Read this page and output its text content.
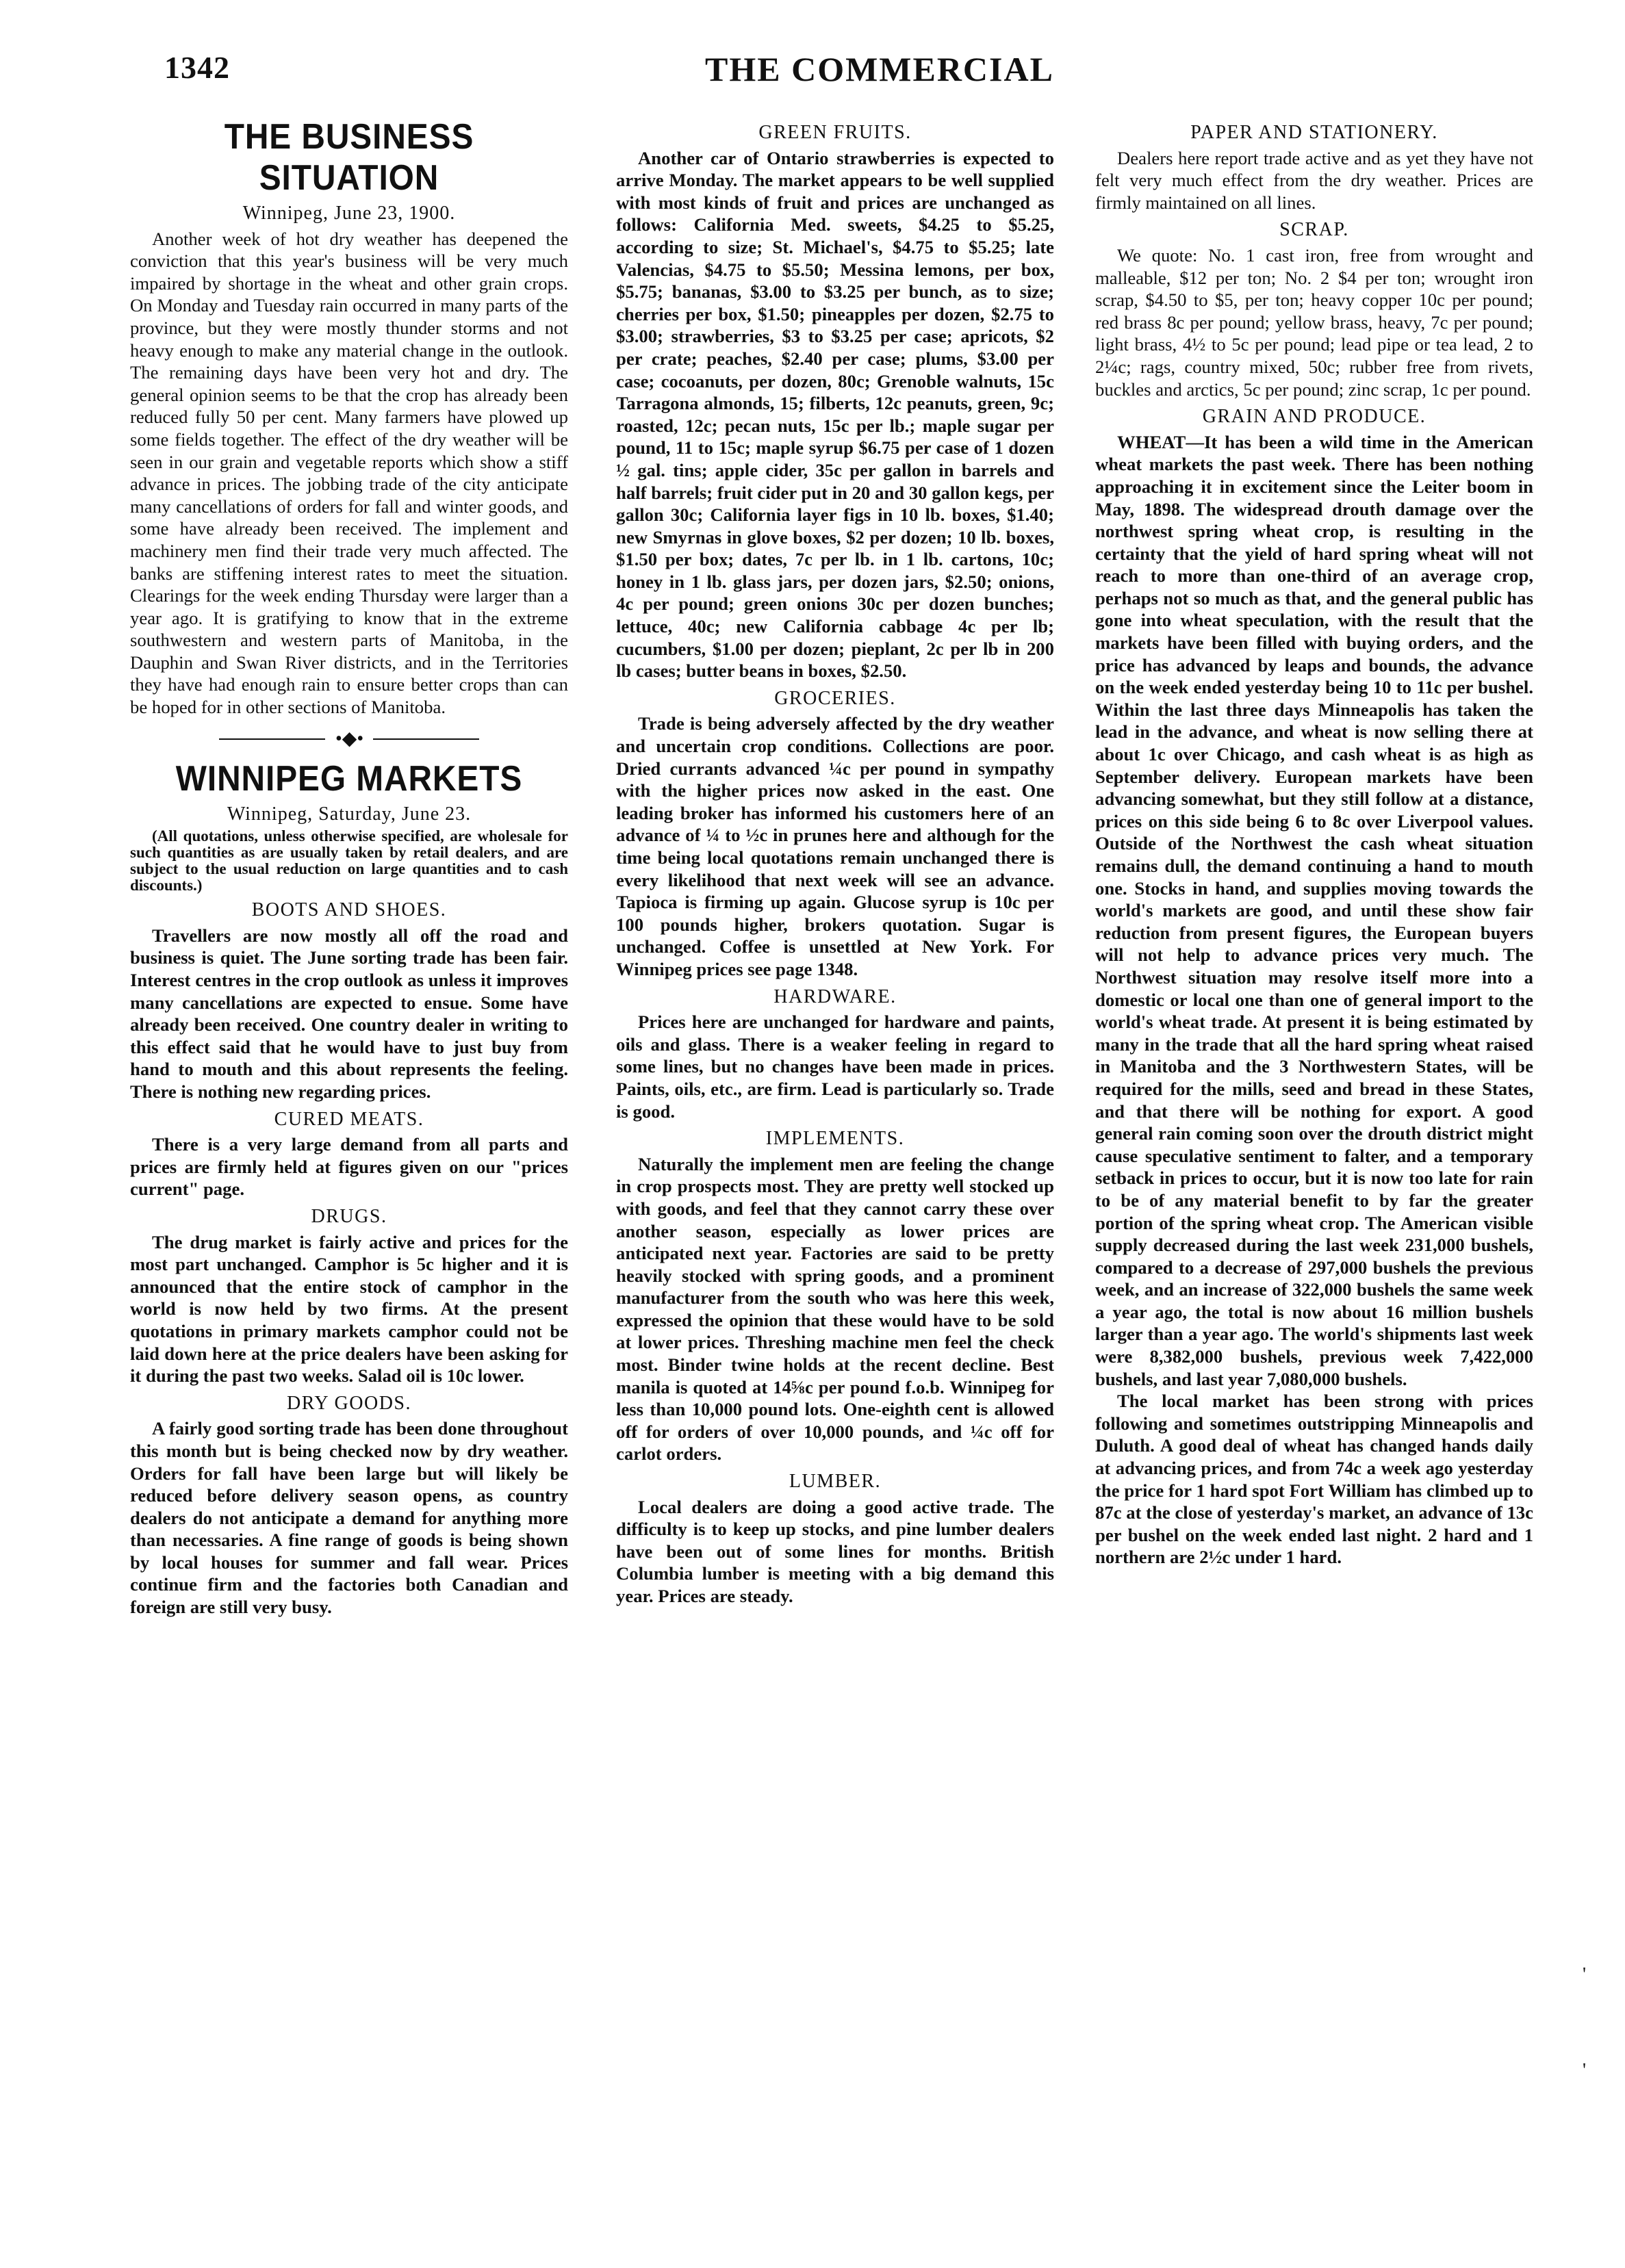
1342	THE COMMERCIAL
THE BUSINESS SITUATION
Winnipeg, June 23, 1900.

Another week of hot dry weather has deepened the conviction that this year's business will be very much impaired by shortage in the wheat and other grain crops. On Monday and Tuesday rain occurred in many parts of the province, but they were mostly thunder storms and not heavy enough to make any material change in the outlook. The remaining days have been very hot and dry. The general opinion seems to be that the crop has already been reduced fully 50 per cent. Many farmers have plowed up some fields together. The effect of the dry weather will be seen in our grain and vegetable reports which show a stiff advance in prices. The jobbing trade of the city anticipate many cancellations of orders for fall and winter goods, and some have already been received. The implement and machinery men find their trade very much affected. The banks are stiffening interest rates to meet the situation. Clearings for the week ending Thursday were larger than a year ago. It is gratifying to know that in the extreme southwestern and western parts of Manitoba, in the Dauphin and Swan River districts, and in the Territories they have had enough rain to ensure better crops than can be hoped for in other sections of Manitoba.

•◆•
WINNIPEG MARKETS
Winnipeg, Saturday, June 23.

(All quotations, unless otherwise specified, are wholesale for such quantities as are usually taken by retail dealers, and are subject to the usual reduction on large quantities and to cash discounts.)

BOOTS AND SHOES.

Travellers are now mostly all off the road and business is quiet. The June sorting trade has been fair. Interest centres in the crop outlook as unless it improves many cancellations are expected to ensue. Some have already been received. One country dealer in writing to this effect said that he would have to just buy from hand to mouth and this about represents the feeling. There is nothing new regarding prices.

CURED MEATS.

There is a very large demand from all parts and prices are firmly held at figures given on our "prices current" page.

DRUGS.

The drug market is fairly active and prices for the most part unchanged. Camphor is 5c higher and it is announced that the entire stock of camphor in the world is now held by two firms. At the present quotations in primary markets camphor could not be laid down here at the price dealers have been asking for it during the past two weeks. Salad oil is 10c lower.

DRY GOODS.

A fairly good sorting trade has been done throughout this month but is being checked now by dry weather. Orders for fall have been large but will likely be reduced before delivery season opens, as country dealers do not anticipate a demand for anything more than necessaries. A fine range of goods is being shown by local houses for summer and fall wear. Prices continue firm and the factories both Canadian and foreign are still very busy.

GREEN FRUITS.

Another car of Ontario strawberries is expected to arrive Monday. The market appears to be well supplied with most kinds of fruit and prices are unchanged as follows: California Med. sweets, $4.25 to $5.25, according to size; St. Michael's, $4.75 to $5.25; late Valencias, $4.75 to $5.50; Messina lemons, per box, $5.75; bananas, $3.00 to $3.25 per bunch, as to size; cherries per box, $1.50; pineapples per dozen, $2.75 to $3.00; strawberries, $3 to $3.25 per case; apricots, $2 per crate; peaches, $2.40 per case; plums, $3.00 per case; cocoanuts, per dozen, 80c; Grenoble walnuts, 15c Tarragona almonds, 15; filberts, 12c peanuts, green, 9c; roasted, 12c; pecan nuts, 15c per lb.; maple sugar per pound, 11 to 15c; maple syrup $6.75 per case of 1 dozen ½ gal. tins; apple cider, 35c per gallon in barrels and half barrels; fruit cider put in 20 and 30 gallon kegs, per gallon 30c; California layer figs in 10 lb. boxes, $1.40; new Smyrnas in glove boxes, $2 per dozen; 10 lb. boxes, $1.50 per box; dates, 7c per lb. in 1 lb. cartons, 10c; honey in 1 lb. glass jars, per dozen jars, $2.50; onions, 4c per pound; green onions 30c per dozen bunches; lettuce, 40c; new California cabbage 4c per lb; cucumbers, $1.00 per dozen; pieplant, 2c per lb in 200 lb cases; butter beans in boxes, $2.50.

GROCERIES.

Trade is being adversely affected by the dry weather and uncertain crop conditions. Collections are poor. Dried currants advanced ¼c per pound in sympathy with the higher prices now asked in the east. One leading broker has informed his customers here of an advance of ¼ to ½c in prunes here and although for the time being local quotations remain unchanged there is every likelihood that next week will see an advance. Tapioca is firming up again. Glucose syrup is 10c per 100 pounds higher, brokers quotation. Sugar is unchanged. Coffee is unsettled at New York. For Winnipeg prices see page 1348.

HARDWARE.

Prices here are unchanged for hardware and paints, oils and glass. There is a weaker feeling in regard to some lines, but no changes have been made in prices. Paints, oils, etc., are firm. Lead is particularly so. Trade is good.

IMPLEMENTS.

Naturally the implement men are feeling the change in crop prospects most. They are pretty well stocked up with goods, and feel that they cannot carry these over another season, especially as lower prices are anticipated next year. Factories are said to be pretty heavily stocked with spring goods, and a prominent manufacturer from the south who was here this week, expressed the opinion that these would have to be sold at lower prices. Threshing machine men feel the check most. Binder twine holds at the recent decline. Best manila is quoted at 14⅝c per pound f.o.b. Winnipeg for less than 10,000 pound lots. One-eighth cent is allowed off for orders of over 10,000 pounds, and ¼c off for carlot orders.

LUMBER.

Local dealers are doing a good active trade. The difficulty is to keep up stocks, and pine lumber dealers have been out of some lines for months. British Columbia lumber is meeting with a big demand this year. Prices are steady.

PAPER AND STATIONERY.

Dealers here report trade active and as yet they have not felt very much effect from the dry weather. Prices are firmly maintained on all lines.

SCRAP.

We quote: No. 1 cast iron, free from wrought and malleable, $12 per ton; No. 2 $4 per ton; wrought iron scrap, $4.50 to $5, per ton; heavy copper 10c per pound; red brass 8c per pound; yellow brass, heavy, 7c per pound; light brass, 4½ to 5c per pound; lead pipe or tea lead, 2 to 2¼c; rags, country mixed, 50c; rubber free from rivets, buckles and arctics, 5c per pound; zinc scrap, 1c per pound.

GRAIN AND PRODUCE.

WHEAT—It has been a wild time in the American wheat markets the past week. There has been nothing approaching it in excitement since the Leiter boom in May, 1898. The widespread drouth damage over the northwest spring wheat crop, is resulting in the certainty that the yield of hard spring wheat will not reach to more than one-third of an average crop, perhaps not so much as that, and the general public has gone into wheat speculation, with the result that the markets have been filled with buying orders, and the price has advanced by leaps and bounds, the advance on the week ended yesterday being 10 to 11c per bushel. Within the last three days Minneapolis has taken the lead in the advance, and wheat is now selling there at about 1c over Chicago, and cash wheat is as high as September delivery. European markets have been advancing somewhat, but they still follow at a distance, prices on this side being 6 to 8c over Liverpool values. Outside of the Northwest the cash wheat situation remains dull, the demand continuing a hand to mouth one. Stocks in hand, and supplies moving towards the world's markets are good, and until these show fair reduction from present figures, the European buyers will not help to advance prices very much. The Northwest situation may resolve itself more into a domestic or local one than one of general import to the world's wheat trade. At present it is being estimated by many in the trade that all the hard spring wheat raised in Manitoba and the 3 Northwestern States, will be required for the mills, seed and bread in these States, and that there will be nothing for export. A good general rain coming soon over the drouth district might cause speculative sentiment to falter, and a temporary setback in prices to occur, but it is now too late for rain to be of any material benefit to by far the greater portion of the spring wheat crop. The American visible supply decreased during the last week 231,000 bushels, compared to a decrease of 297,000 bushels the previous week, and an increase of 322,000 bushels the same week a year ago, the total is now about 16 million bushels larger than a year ago. The world's shipments last week were 8,382,000 bushels, previous week 7,422,000 bushels, and last year 7,080,000 bushels.

The local market has been strong with prices following and sometimes outstripping Minneapolis and Duluth. A good deal of wheat has changed hands daily at advancing prices, and from 74c a week ago yesterday the price for 1 hard spot Fort William has climbed up to 87c at the close of yesterday's market, an advance of 13c per bushel on the week ended last night. 2 hard and 1 northern are 2½c under 1 hard.

'
'
